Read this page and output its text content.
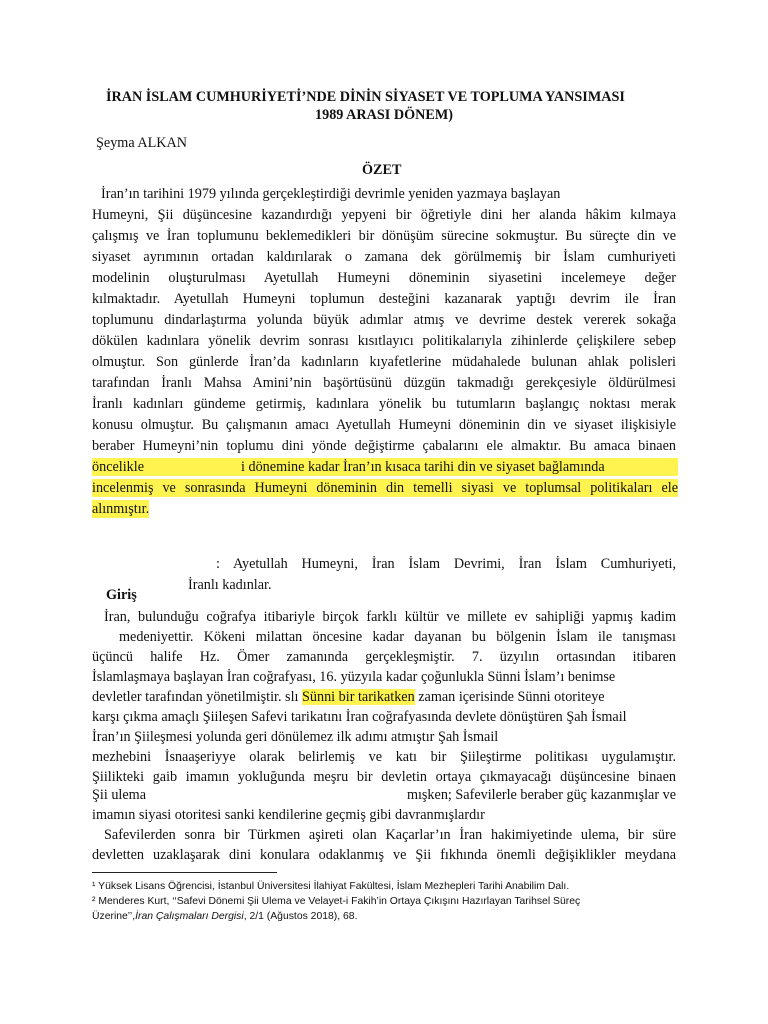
İRAN İSLAM CUMHURİYETİ’NDE DİNİN SİYASET VE TOPLUMA YANSIMASI
1989 ARASI DÖNEM)
Şeyma ALKAN
ÖZET
İran’ın tarihini 1979 yılında gerçekleştirdiği devrimle yeniden yazmaya başlayan
Humeyni, Şii düşüncesine kazandırdığı yepyeni bir öğretiyle dini her alanda hâkim kılmaya
çalışmış ve İran toplumunu beklemedikleri bir dönüşüm sürecine sokmuştur. Bu süreçte din ve
siyaset ayrımının ortadan kaldırılarak o zamana dek görülmemiş bir İslam cumhuriyeti
modelinin oluşturulması Ayetullah Humeyni döneminin siyasetini incelemeye değer
kılmaktadır. Ayetullah Humeyni toplumun desteğini kazanarak yaptığı devrim ile İran
toplumunu dindarlaştırma yolunda büyük adımlar atmış ve devrime destek vererek sokağa
dökülen kadınlara yönelik devrim sonrası kısıtlayıcı politikalarıyla zihinlerde çelişkilere sebep
olmuştur. Son günlerde İran’da kadınların kıyafetlerine müdahalede bulunan ahlak polisleri
tarafından İranlı Mahsa Amini’nin başörtüsünü düzgün takmadığı gerekçesiyle öldürülmesi
İranlı kadınları gündeme getirmiş, kadınlara yönelik bu tutumların başlangıç noktası merak
konusu olmuştur. Bu çalışmanın amacı Ayetullah Humeyni döneminin din ve siyaset ilişkisiyle
beraber Humeyni’nin toplumu dini yönde değiştirme çabalarını ele almaktır. Bu amaca binaen
öncelikle	i dönemine kadar İran’ın kısaca tarihi din ve siyaset bağlamında
incelenmiş ve sonrasında Humeyni döneminin din temelli siyasi ve toplumsal politikaları ele
alınmıştır.
: Ayetullah Humeyni, İran İslam Devrimi, İran İslam Cumhuriyeti,
İranlı kadınlar.
Giriş
İran, bulunduğu coğrafya itibariyle birçok farklı kültür ve millete ev sahipliği yapmış kadim
medeniyettir. Kökeni milattan öncesine kadar dayanan bu bölgenin İslam ile tanışması
üçüncü halife Hz. Ömer zamanında gerçekleşmiştir. 7. üzyılın ortasından itibaren
İslamlaşmaya başlayan İran coğrafyası, 16. yüzyıla kadar çoğunlukla Sünni İslam’ı benimse
devletler tarafından yönetilmiştir. slı Sünni bir tarikatken zaman içerisinde Sünni otoriteye
karşı çıkma amaçlı Şiileşen Safevi tarikatını İran coğrafyasında devlete dönüştüren Şah İsmail
İran’ın Şiileşmesi yolunda geri dönülemez ilk adımı atmıştır Şah İsmail
mezhebini İsnaaşeriyye olarak belirlemiş ve katı bir Şiileştirme politikası uygulamıştır.
Şiilikteki gaib imamın yokluğunda meşru bir devletin ortaya çıkmayacağı düşüncesine binaen
Şii ulema	mışken; Safevilerle beraber güç kazanmışlar ve
imamın siyasi otoritesi sanki kendilerine geçmiş gibi davranmışlardır
¹ Yüksek Lisans Öğrencisi, İstanbul Üniversitesi İlahiyat Fakültesi, İslam Mezhepleri Tarihi Anabilim Dalı.
² Menderes Kurt, ‘‘Safevi Dönemi Şii Ulema ve Velayet-i Fakih’in Ortaya Çıkışını Hazırlayan Tarihsel Süreç
Üzerine’’,İran Çalışmaları Dergisi, 2/1 (Ağustos 2018), 68.
Safevilerden sonra bir Türkmen aşireti olan Kaçarlar’ın İran hakimiyetinde ulema, bir süre
devletten uzaklaşarak dini konulara odaklanmış ve Şii fıkhında önemli değişiklikler meydana
